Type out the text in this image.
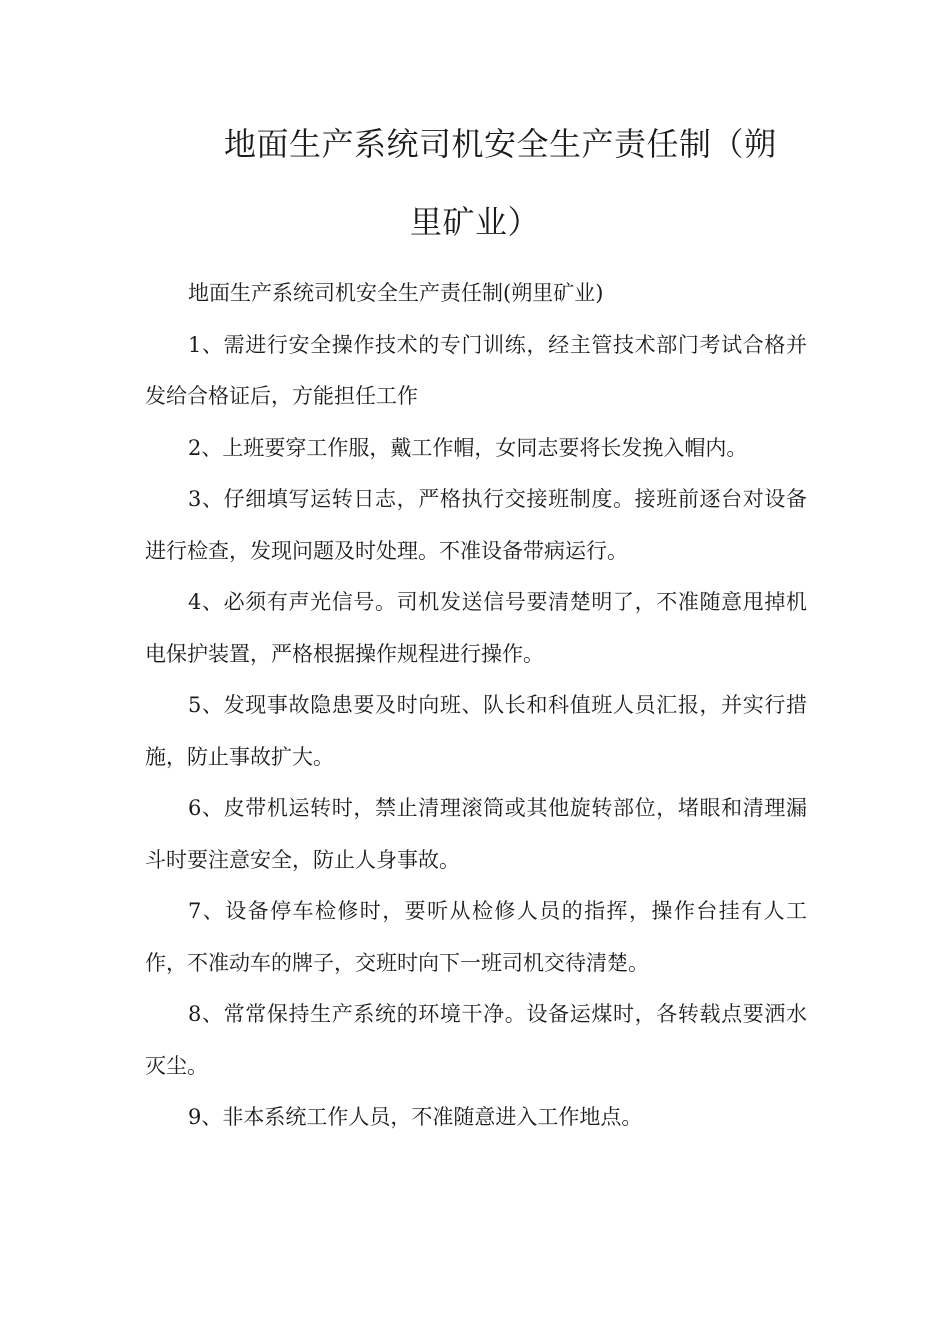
地面生产系统司机安全生产责任制（朔
里矿业）

地面生产系统司机安全生产责任制(朔里矿业)

1、需进行安全操作技术的专门训练，经主管技术部门考试合格并发给合格证后，方能担任工作

2、上班要穿工作服，戴工作帽，女同志要将长发挽入帽内。

3、仔细填写运转日志，严格执行交接班制度。接班前逐台对设备进行检查，发现问题及时处理。不准设备带病运行。

4、必须有声光信号。司机发送信号要清楚明了，不准随意甩掉机电保护装置，严格根据操作规程进行操作。

5、发现事故隐患要及时向班、队长和科值班人员汇报，并实行措施，防止事故扩大。

6、皮带机运转时，禁止清理滚筒或其他旋转部位，堵眼和清理漏斗时要注意安全，防止人身事故。

7、设备停车检修时，要听从检修人员的指挥，操作台挂有人工作，不准动车的牌子，交班时向下一班司机交待清楚。

8、常常保持生产系统的环境干净。设备运煤时，各转载点要洒水灭尘。

9、非本系统工作人员，不准随意进入工作地点。
